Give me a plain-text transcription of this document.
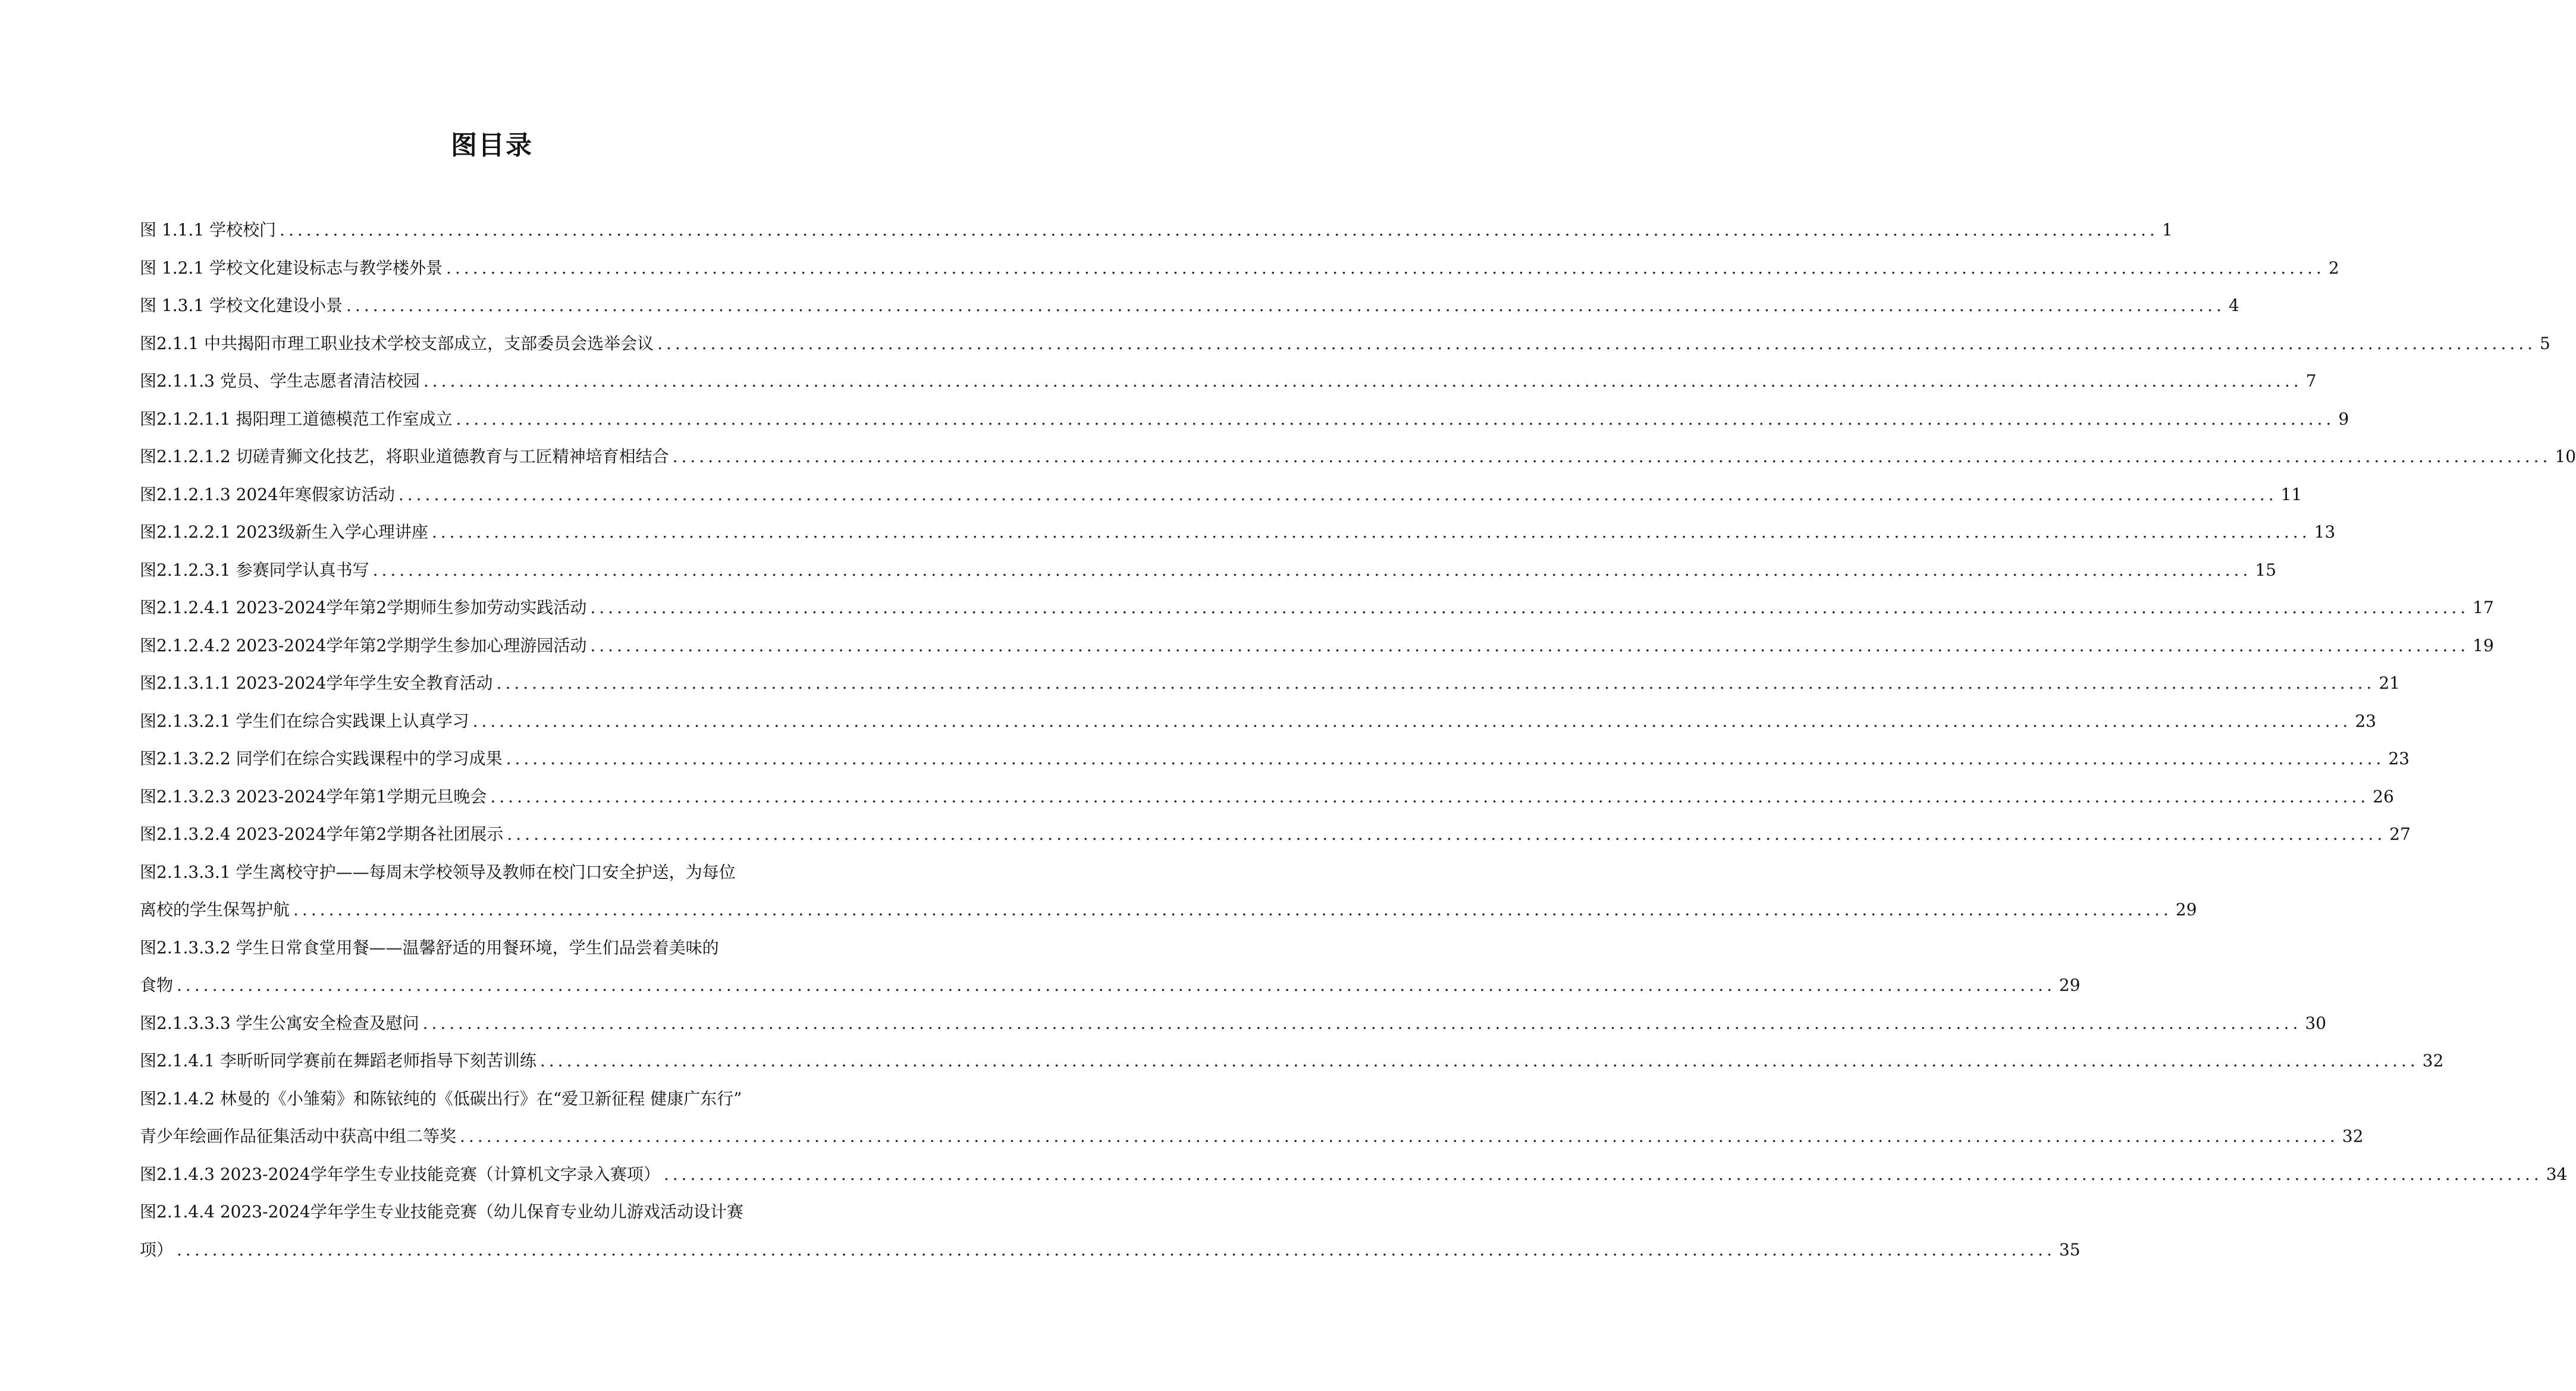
图目录
图 1.1.1 学校校门 .....	1
图 1.2.1 学校文化建设标志与教学楼外景 .....	2
图 1.3.1 学校文化建设小景 .....	4
图2.1.1 中共揭阳市理工职业技术学校支部成立，支部委员会选举会议 .....	5
图2.1.1.3 党员、学生志愿者清洁校园 .....	7
图2.1.2.1.1 揭阳理工道德模范工作室成立 .....	9
图2.1.2.1.2 切磋青狮文化技艺，将职业道德教育与工匠精神培育相结合 .....	10
图2.1.2.1.3 2024年寒假家访活动 .....	11
图2.1.2.2.1 2023级新生入学心理讲座 .....	13
图2.1.2.3.1 参赛同学认真书写 .....	15
图2.1.2.4.1 2023-2024学年第2学期师生参加劳动实践活动 .....	17
图2.1.2.4.2 2023-2024学年第2学期学生参加心理游园活动 .....	19
图2.1.3.1.1 2023-2024学年学生安全教育活动 .....	21
图2.1.3.2.1 学生们在综合实践课上认真学习 .....	23
图2.1.3.2.2 同学们在综合实践课程中的学习成果 .....	23
图2.1.3.2.3 2023-2024学年第1学期元旦晚会 .....	26
图2.1.3.2.4 2023-2024学年第2学期各社团展示 .....	27
图2.1.3.3.1 学生离校守护——每周末学校领导及教师在校门口安全护送，为每位
离校的学生保驾护航 .....	29
图2.1.3.3.2 学生日常食堂用餐——温馨舒适的用餐环境，学生们品尝着美味的
食物 .....	29
图2.1.3.3.3 学生公寓安全检查及慰问 .....	30
图2.1.4.1 李昕昕同学赛前在舞蹈老师指导下刻苦训练 .....	32
图2.1.4.2 林曼的《小雏菊》和陈铱纯的《低碳出行》在“爱卫新征程 健康广东行”
青少年绘画作品征集活动中获高中组二等奖 .....	32
图2.1.4.3 2023-2024学年学生专业技能竞赛（计算机文字录入赛项） .....	34
图2.1.4.4 2023-2024学年学生专业技能竞赛（幼儿保育专业幼儿游戏活动设计赛
项） .....	35
